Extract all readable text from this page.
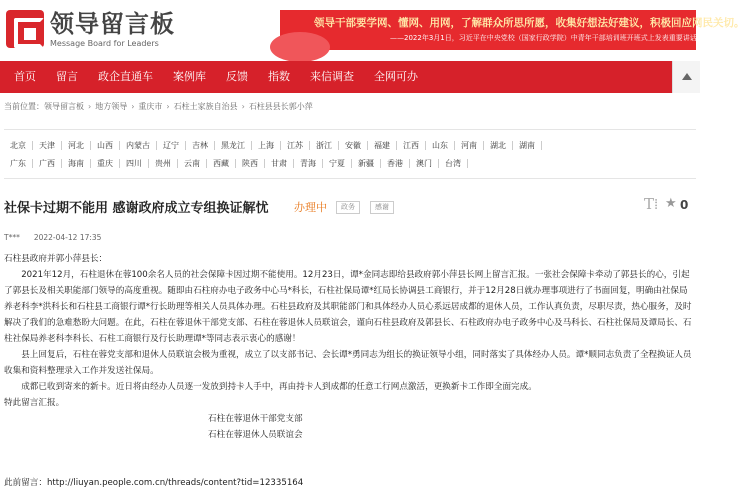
领导留言板
Message Board for Leaders
领导干部要学网、懂网、用网，了解群众所思所愿，收集好想法好建议，积极回应网民关切。
——2022年3月1日，习近平在中央党校（国家行政学院）中青年干部培训班开班式上发表重要讲话
首页	留言	政企直通车	案例库	反馈	指数	来信调查	全网可办
当前位置：领导留言板 › 地方领导 › 重庆市 › 石柱土家族自治县 › 石柱县县长郭小萍
北京	天津	河北	山西	内蒙古	辽宁	吉林	黑龙江	上海	江苏	浙江	安徽	福建	江西	山东	河南	湖北	湖南
广东	广西	海南	重庆	四川	贵州	云南	西藏	陕西	甘肃	青海	宁夏	新疆	香港	澳门	台湾
社保卡过期不能用 感谢政府成立专组换证解忧 办理中	政务	感谢	T⁞ ★ 0
T*** 2022-04-12 17:35

石柱县政府并郭小萍县长：

2021年12月，石柱退休在蓉100余名人员的社会保障卡因过期不能使用。12月23日，谭*金同志即给县政府郭小萍县长网上留言汇报。一张社会保障卡牵动了郭县长的心，引起了郭县长及相关职能部门领导的高度重视。随即由石柱府办电子政务中心马*科长，石柱社保局谭*红局长协调县工商银行，并于12月28日就办理事项进行了书面回复，明确由社保局养老科李*洪科长和石柱县工商银行谭*行长助理等相关人员具体办理。石柱县政府及其职能部门和具体经办人员心系远居成都的退休人员，工作认真负责，尽职尽责，热心服务，及时解决了我们的急难愁盼大问题。在此，石柱在蓉退休干部党支部、石柱在蓉退休人员联谊会，谨向石柱县政府及郭县长、石柱政府办电子政务中心及马科长、石柱社保局及谭局长、石柱社保局养老科李科长、石柱工商银行及行长助理谭*等同志表示衷心的感谢！

县上回复后，石柱在蓉党支部和退休人员联谊会极为重视，成立了以支部书记、会长谭*勇同志为组长的换证领导小组，同时落实了具体经办人员。谭*顺同志负责了全程换证人员收集和资料整理录入工作并发送社保局。

成都已收到寄来的新卡。近日将由经办人员逐一发放到持卡人手中，再由持卡人到成都的任意工行网点激活，更换新卡工作即全面完成。

特此留言汇报。

石柱在蓉退休干部党支部

石柱在蓉退休人员联谊会

此前留言：http://liuyan.people.com.cn/threads/content?tid=12335164
